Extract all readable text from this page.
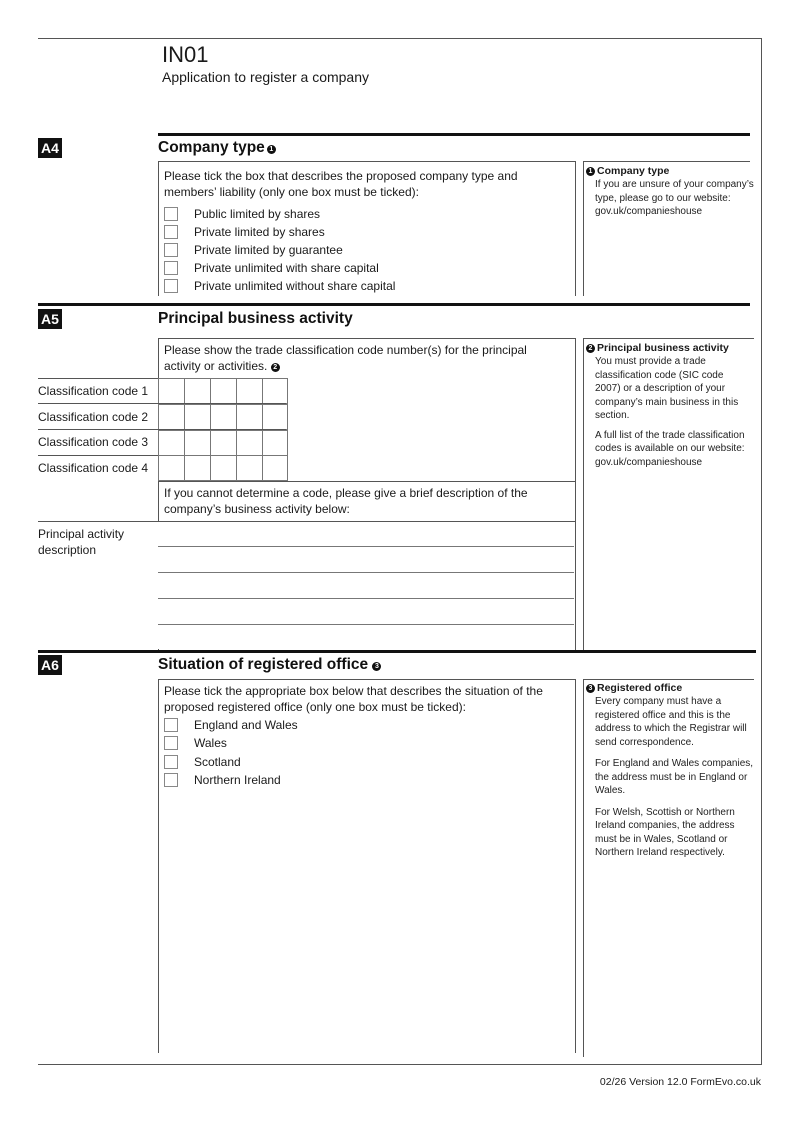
IN01
Application to register a company
A4	Company type 1
Please tick the box that describes the proposed company type and members’ liability (only one box must be ticked):
Public limited by shares
Private limited by shares
Private limited by guarantee
Private unlimited with share capital
Private unlimited without share capital
1 Company type
If you are unsure of your company’s type, please go to our website: gov.uk/companieshouse
A5	Principal business activity
Please show the trade classification code number(s) for the principal activity or activities. 2
Classification code 1
Classification code 2
Classification code 3
Classification code 4
If you cannot determine a code, please give a brief description of the company’s business activity below:
Principal activity description
2 Principal business activity
You must provide a trade classification code (SIC code 2007) or a description of your company’s main business in this section.
A full list of the trade classification codes is available on our website: gov.uk/companieshouse
A6	Situation of registered office 3
Please tick the appropriate box below that describes the situation of the proposed registered office (only one box must be ticked):
England and Wales
Wales
Scotland
Northern Ireland
3 Registered office
Every company must have a registered office and this is the address to which the Registrar will send correspondence.
For England and Wales companies, the address must be in England or Wales.
For Welsh, Scottish or Northern Ireland companies, the address must be in Wales, Scotland or Northern Ireland respectively.
02/26 Version 12.0 FormEvo.co.uk
